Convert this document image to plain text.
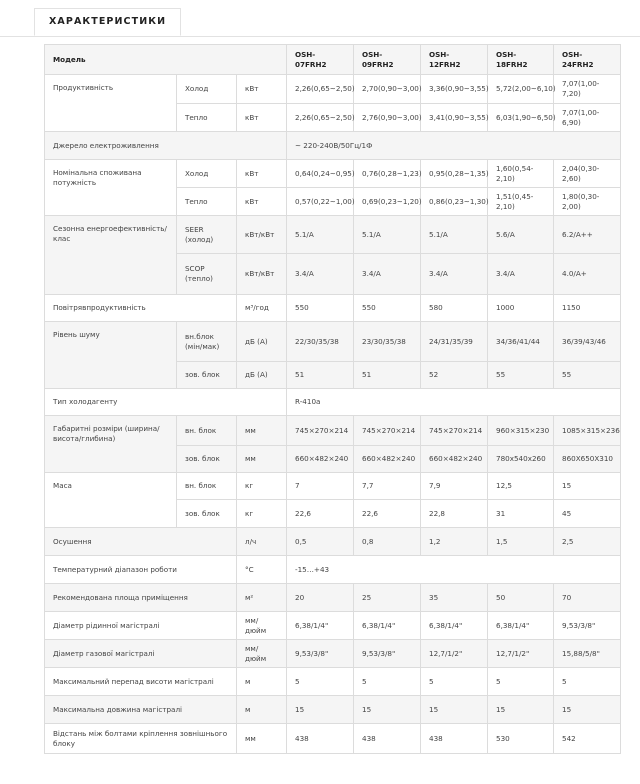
ХАРАКТЕРИСТИКИ
Модель			OSH-07FRH2	OSH-09FRH2	OSH-12FRH2	OSH-18FRH2	OSH-24FRH2
Продуктивність	Холод	кВт	2,26(0,65~2,50)	2,70(0,90~3,00)	3,36(0,90~3,55)	5,72(2,00~6,10)	7,07(1,00-7,20)
	Тепло	кВт	2,26(0,65~2,50)	2,76(0,90~3,00)	3,41(0,90~3,55)	6,03(1,90~6,50)	7,07(1,00-6,90)
Джерело електроживлення			~ 220-240В/50Гц/1Ф				
Номінальна споживана потужність	Холод	кВт	0,64(0,24~0,95)	0,76(0,28~1,23)	0,95(0,28~1,35)	1,60(0,54-2,10)	2,04(0,30-2,60)
	Тепло	кВт	0,57(0,22~1,00)	0,69(0,23~1,20)	0,86(0,23~1,30)	1,51(0,45-2,10)	1,80(0,30-2,00)
Сезонна енергоефективність/клас	SEER (холод)	кВт/кВт	5.1/A	5.1/A	5.1/A	5.6/A	6.2/A++
	SCOP (тепло)	кВт/кВт	3.4/A	3.4/A	3.4/A	3.4/A	4.0/A+
Повітрявпродуктивність		м³/год	550	550	580	1000	1150
Рівень шуму	вн.блок (мін/мак)	дБ (А)	22/30/35/38	23/30/35/38	24/31/35/39	34/36/41/44	36/39/43/46
	зов. блок	дБ (А)	51	51	52	55	55
Тип холодагенту			R-410a				
Габаритні розміри (ширина/висота/глибина)	вн. блок	мм	745×270×214	745×270×214	745×270×214	960×315×230	1085×315×236
	зов. блок	мм	660×482×240	660×482×240	660×482×240	780х540х260	860Х650Х310
Маса	вн. блок	кг	7	7,7	7,9	12,5	15
	зов. блок	кг	22,6	22,6	22,8	31	45
Осушення		л/ч	0,5	0,8	1,2	1,5	2,5
Температурний діапазон роботи		°С	-15…+43				
Рекомендована площа приміщення		м²	20	25	35	50	70
Діаметр рідинної магістралі		мм/дюйм	6,38/1/4"	6,38/1/4"	6,38/1/4"	6,38/1/4"	9,53/3/8"
Діаметр газової магістралі		мм/дюйм	9,53/3/8"	9,53/3/8"	12,7/1/2"	12,7/1/2"	15,88/5/8"
Максимальний перепад висоти магістралі		м	5	5	5	5	5
Максимальна довжина магістралі		м	15	15	15	15	15
Відстань між болтами кріплення зовнішнього блоку		мм	438	438	438	530	542
